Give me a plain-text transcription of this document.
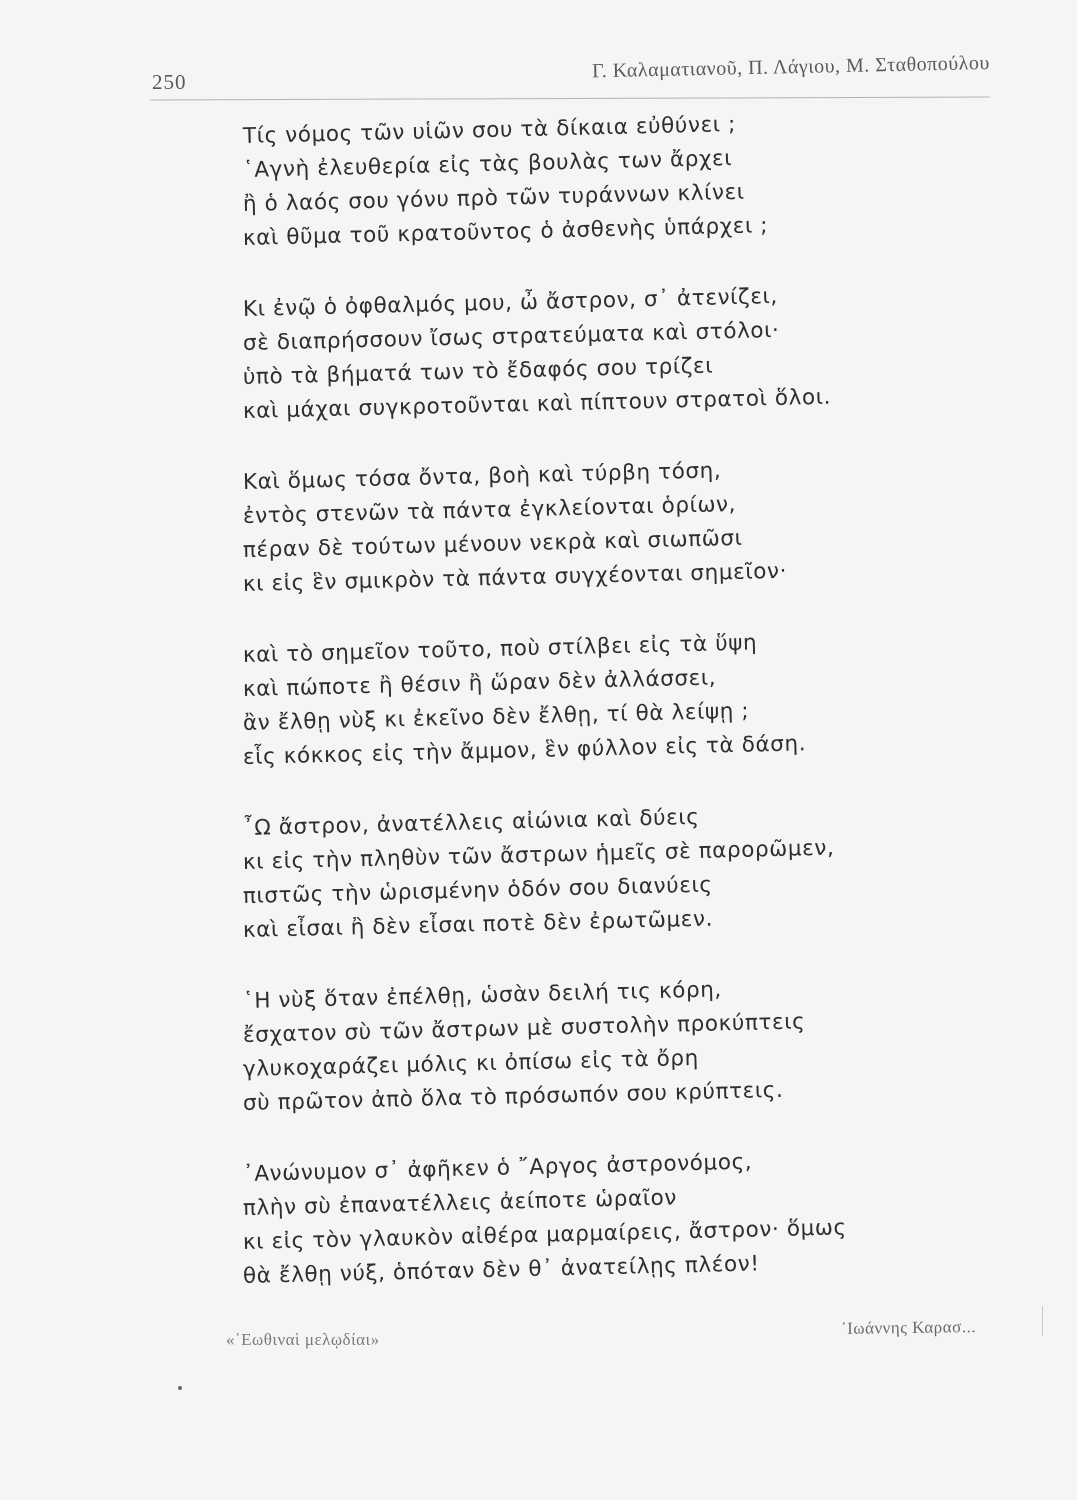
250	Γ. Καλαματιανοῦ, Π. Λάγιου, Μ. Σταθοπούλου
Τίς νόμος τῶν υἱῶν σου τὰ δίκαια εὐθύνει ;
῾Αγνὴ ἐλευθερία εἰς τὰς βουλὰς των ἄρχει
ἢ ὁ λαός σου γόνυ πρὸ τῶν τυράννων κλίνει
καὶ θῦμα τοῦ κρατοῦντος ὁ ἀσθενὴς ὑπάρχει ;
Κι ἐνῷ ὁ ὀφθαλμός μου, ὦ ἄστρον, σ᾽ ἀτενίζει,
σὲ διαπρήσσουν ἴσως στρατεύματα καὶ στόλοι·
ὑπὸ τὰ βήματά των τὸ ἔδαφός σου τρίζει
καὶ μάχαι συγκροτοῦνται καὶ πίπτουν στρατοὶ ὅλοι.
Καὶ ὅμως τόσα ὄντα, βοὴ καὶ τύρβη τόση,
ἐντὸς στενῶν τὰ πάντα ἐγκλείονται ὁρίων,
πέραν δὲ τούτων μένουν νεκρὰ καὶ σιωπῶσι
κι εἰς ἓν σμικρὸν τὰ πάντα συγχέονται σημεῖον·
καὶ τὸ σημεῖον τοῦτο, ποὺ στίλβει εἰς τὰ ὕψη
καὶ πώποτε ἢ θέσιν ἢ ὥραν δὲν ἀλλάσσει,
ἂν ἔλθῃ νὺξ κι ἐκεῖνο δὲν ἔλθῃ, τί θὰ λείψῃ ;
εἷς κόκκος εἰς τὴν ἄμμον, ἓν φύλλον εἰς τὰ δάση.
῏Ω ἄστρον, ἀνατέλλεις αἰώνια καὶ δύεις
κι εἰς τὴν πληθὺν τῶν ἄστρων ἡμεῖς σὲ παρορῶμεν,
πιστῶς τὴν ὡρισμένην ὁδόν σου διανύεις
καὶ εἶσαι ἢ δὲν εἶσαι ποτὲ δὲν ἐρωτῶμεν.
῾Η νὺξ ὅταν ἐπέλθῃ, ὡσὰν δειλή τις κόρη,
ἔσχατον σὺ τῶν ἄστρων μὲ συστολὴν προκύπτεις
γλυκοχαράζει μόλις κι ὀπίσω εἰς τὰ ὄρη
σὺ πρῶτον ἀπὸ ὅλα τὸ πρόσωπόν σου κρύπτεις.
᾽Ανώνυμον σ᾽ ἀφῆκεν ὁ ῎Αργος ἀστρονόμος,
πλὴν σὺ ἐπανατέλλεις ἀείποτε ὡραῖον
κι εἰς τὸν γλαυκὸν αἰθέρα μαρμαίρεις, ἄστρον· ὅμως
θὰ ἔλθῃ νύξ, ὁπόταν δὲν θ᾽ ἀνατείλῃς πλέον!
«῾Εωθιναὶ μελῳδίαι»
᾽Ιωάννης Καρασ...
